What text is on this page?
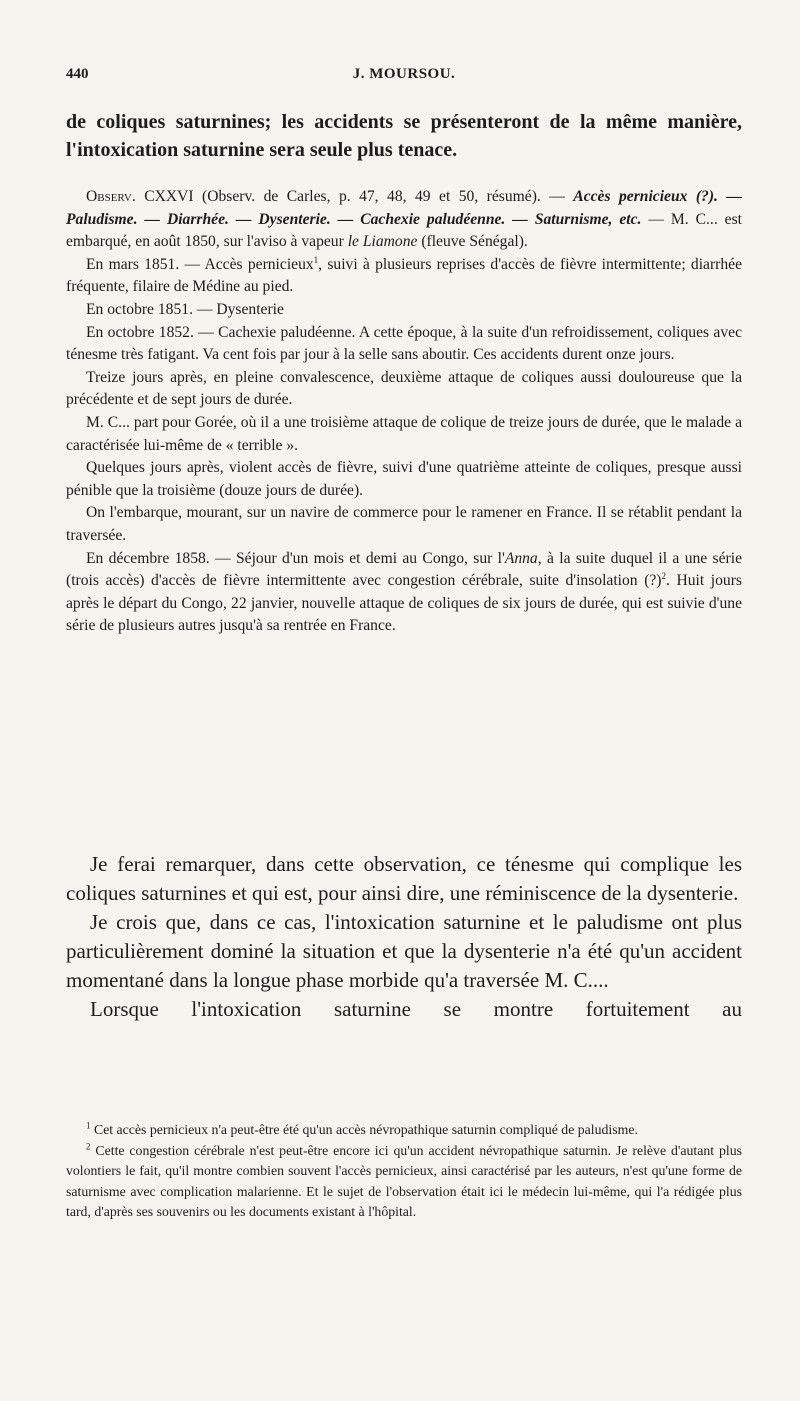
440	J. MOURSOU.
de coliques saturnines; les accidents se présenteront de la même manière, l'intoxication saturnine sera seule plus tenace.

Observ. CXXVI (Observ. de Carles, p. 47, 48, 49 et 50, résumé). — Accès pernicieux (?). — Paludisme. — Diarrhée. — Dysenterie. — Cachexie paludéenne. — Saturnisme, etc. — M. C... est embarqué, en août 1850, sur l'aviso à vapeur le Liamone (fleuve Sénégal).

En mars 1851. — Accès pernicieux$^1$, suivi à plusieurs reprises d'accès de fièvre intermittente; diarrhée fréquente, filaire de Médine au pied.

En octobre 1851. — Dysenterie

En octobre 1852. — Cachexie paludéenne. A cette époque, à la suite d'un refroidissement, coliques avec ténesme très fatigant. Va cent fois par jour à la selle sans aboutir. Ces accidents durent onze jours.

Treize jours après, en pleine convalescence, deuxième attaque de coliques aussi douloureuse que la précédente et de sept jours de durée.

M. C... part pour Gorée, où il a une troisième attaque de colique de treize jours de durée, que le malade a caractérisée lui-même de « terrible ».

Quelques jours après, violent accès de fièvre, suivi d'une quatrième atteinte de coliques, presque aussi pénible que la troisième (douze jours de durée).

On l'embarque, mourant, sur un navire de commerce pour le ramener en France. Il se rétablit pendant la traversée.

En décembre 1858. — Séjour d'un mois et demi au Congo, sur l'Anna, à la suite duquel il a une série (trois accès) d'accès de fièvre intermittente avec congestion cérébrale, suite d'insolation (?)$^2$. Huit jours après le départ du Congo, 22 janvier, nouvelle attaque de coliques de six jours de durée, qui est suivie d'une série de plusieurs autres jusqu'à sa rentrée en France.

Je ferai remarquer, dans cette observation, ce ténesme qui complique les coliques saturnines et qui est, pour ainsi dire, une réminiscence de la dysenterie.

Je crois que, dans ce cas, l'intoxication saturnine et le paludisme ont plus particulièrement dominé la situation et que la dysenterie n'a été qu'un accident momentané dans la longue phase morbide qu'a traversée M. C....

Lorsque l'intoxication saturnine se montre fortuitement au

$^1$ Cet accès pernicieux n'a peut-être été qu'un accès névropathique saturnin compliqué de paludisme.

$^2$ Cette congestion cérébrale n'est peut-être encore ici qu'un accident névropathique saturnin. Je relève d'autant plus volontiers le fait, qu'il montre combien souvent l'accès pernicieux, ainsi caractérisé par les auteurs, n'est qu'une forme de saturnisme avec complication malarienne. Et le sujet de l'observation était ici le médecin lui-même, qui l'a rédigée plus tard, d'après ses souvenirs ou les documents existant à l'hôpital.
